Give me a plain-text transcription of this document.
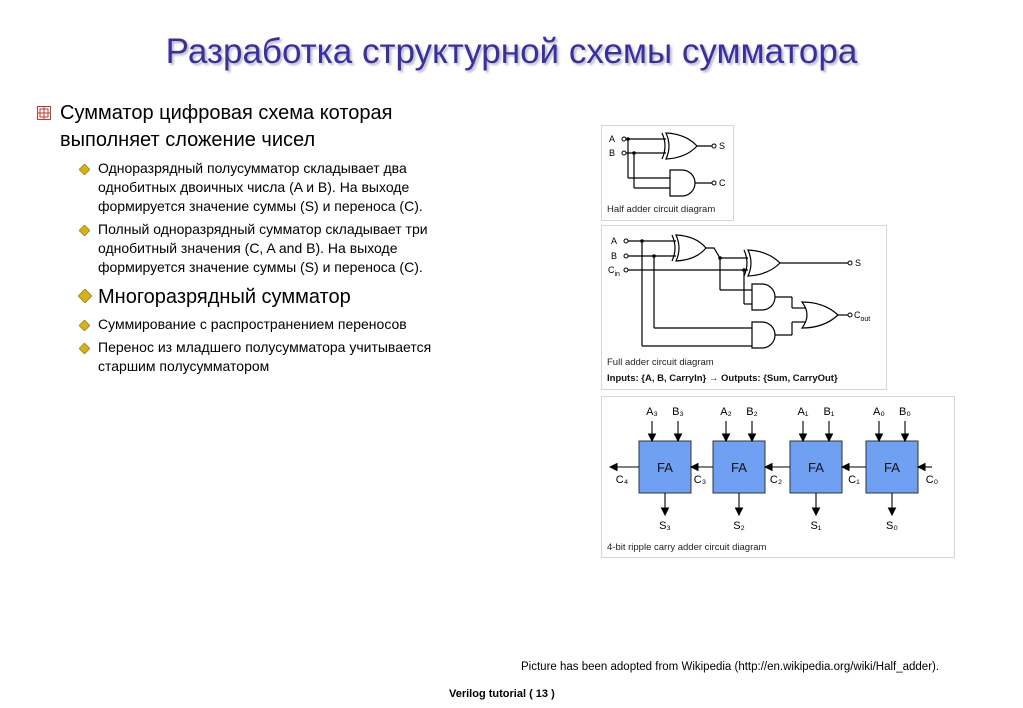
Разработка структурной схемы сумматора
Сумматор цифровая схема которая
выполняет сложение чисел
Одноразрядный полусумматор складывает два
однобитных двоичных числа (A и B). На выходе
формируется значение суммы (S) и переноса (C).
Полный одноразрядный сумматор складывает три
однобитный значения (C, A and B). На выходе
формируется значение суммы (S) и переноса (C).
Многоразрядный сумматор
Суммирование с распространением переносов
Перенос из младшего полусумматора учитывается
старшим полусумматором
A
B
S
C
Half adder circuit diagram
A
B
$C_{in}$
S
$C_{out}$
Full adder circuit diagram
Inputs: {A, B, CarryIn} → Outputs: {Sum, CarryOut}
FA
A₃ B₃
S₃
FA
A₂ B₂
S₂
FA
A₁ B₁
S₁
FA
A₀ B₀
S₀
C₄	C₃	C₂	C₁	C₀
4-bit ripple carry adder circuit diagram
Picture has been adopted from Wikipedia (http://en.wikipedia.org/wiki/Half_adder).
Verilog tutorial ( 13 )
